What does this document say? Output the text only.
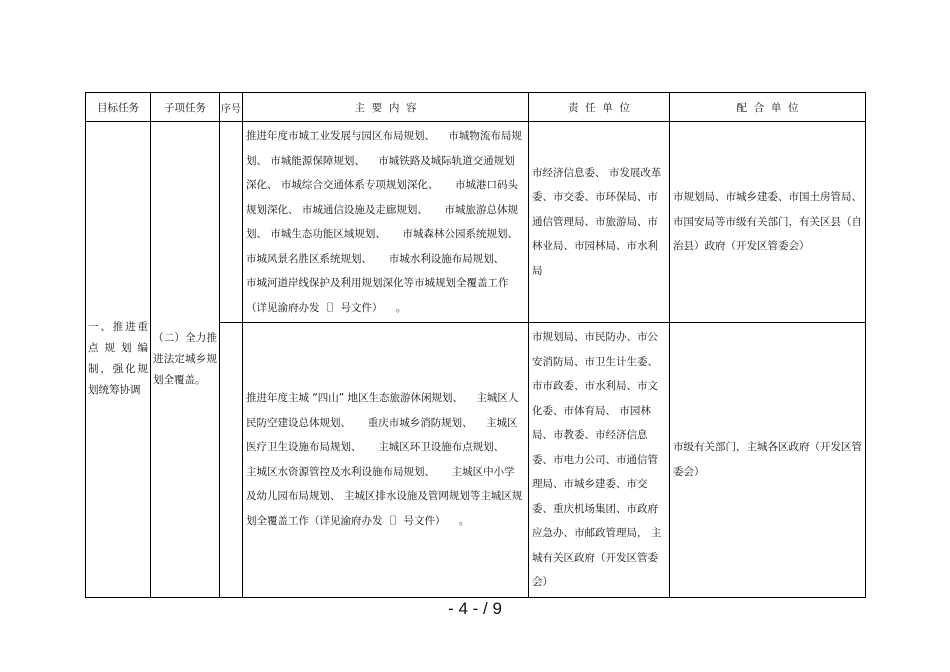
目标任务	子项任务	序号	主  要  内  容	责  任  单  位	配  合  单  位

一、推进重点规划编制，强化规划统筹协调	（二）全力推进法定城乡规划全覆盖。		推进年度市城工业发展与园区布局规划、    市城物流布局规划、 市城能源保障规划、    市城铁路及城际轨道交通规划深化、 市城综合交通体系专项规划深化、     市城港口码头规划深化、 市城通信设施及走廊规划、     市城旅游总体规划、 市城生态功能区域规划、     市城森林公园系统规划、市城风景名胜区系统规划、     市城水利设施布局规划、    市城河道岸线保护及利用规划深化等市城规划全覆盖工作（详见渝府办发〔〕号文件）    。	市经济信息委、 市发展改革委、市交委、市环保局、市通信管理局、市旅游局、市林业局、市园林局、市水利局	市规划局、市城乡建委、市国土房管局、市国安局等市级有关部门，有关区县（自治县）政府（开发区管委会）

			推进年度主城 “四山” 地区生态旅游休闲规划、    主城区人民防空建设总体规划、     重庆市城乡消防规划、    主城区医疗卫生设施布局规划、     主城区环卫设施布点规划、    主城区水资源管控及水利设施布局规划、     主城区中小学及幼儿园布局规划、 主城区排水设施及管网规划等主城区规划全覆盖工作（详见渝府办发〔〕号文件）    。	市规划局、市民防办、市公安消防局、市卫生计生委、市市政委、市水利局、市文化委、市体育局、 市园林局、市教委、市经济信息委、市电力公司、市通信管理局、市城乡建委、市交委、重庆机场集团、市政府应急办、市邮政管理局， 主城有关区政府（开发区管委会）	市级有关部门，主城各区政府（开发区管委会）
- 4 - / 9
